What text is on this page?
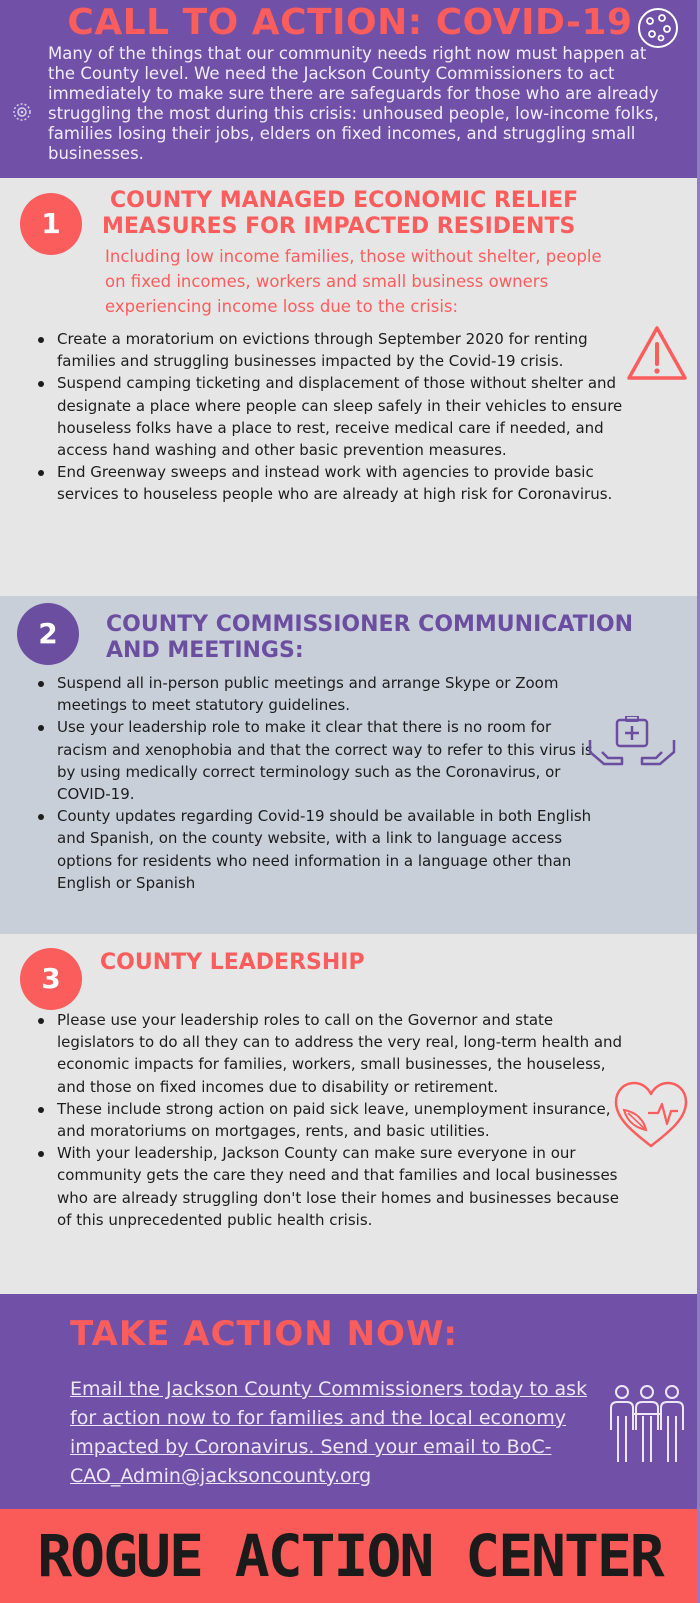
CALL TO ACTION: COVID-19
Many of the things that our community needs right now must happen at the County level. We need the Jackson County Commissioners to act immediately to make sure there are safeguards for those who are already struggling the most during this crisis: unhoused people, low-income folks, families losing their jobs, elders on fixed incomes, and struggling small businesses.
1
COUNTY MANAGED ECONOMIC RELIEF
MEASURES FOR IMPACTED RESIDENTS
Including low income families, those without shelter, people on fixed incomes, workers and small business owners experiencing income loss due to the crisis:
Create a moratorium on evictions through September 2020 for renting families and struggling businesses impacted by the Covid-19 crisis.
Suspend camping ticketing and displacement of those without shelter and designate a place where people can sleep safely in their vehicles to ensure houseless folks have a place to rest, receive medical care if needed, and access hand washing and other basic prevention measures.
End Greenway sweeps and instead work with agencies to provide basic services to houseless people who are already at high risk for Coronavirus.
2	COUNTY COMMISSIONER COMMUNICATION
AND MEETINGS:
Suspend all in-person public meetings and arrange Skype or Zoom meetings to meet statutory guidelines.
Use your leadership role to make it clear that there is no room for racism and xenophobia and that the correct way to refer to this virus is by using medically correct terminology such as the Coronavirus, or COVID-19.
County updates regarding Covid-19 should be available in both English and Spanish, on the county website, with a link to language access options for residents who need information in a language other than English or Spanish
3	COUNTY LEADERSHIP
Please use your leadership roles to call on the Governor and state legislators to do all they can to address the very real, long-term health and economic impacts for families, workers, small businesses, the houseless, and those on fixed incomes due to disability or retirement.
These include strong action on paid sick leave, unemployment insurance, and moratoriums on mortgages, rents, and basic utilities.
With your leadership, Jackson County can make sure everyone in our community gets the care they need and that families and local businesses who are already struggling don't lose their homes and businesses because of this unprecedented public health crisis.
TAKE ACTION NOW:
Email the Jackson County Commissioners today to ask for action now to for families and the local economy impacted by Coronavirus. Send your email to BoC-CAO_Admin@jacksoncounty.org
ROGUE ACTION CENTER
